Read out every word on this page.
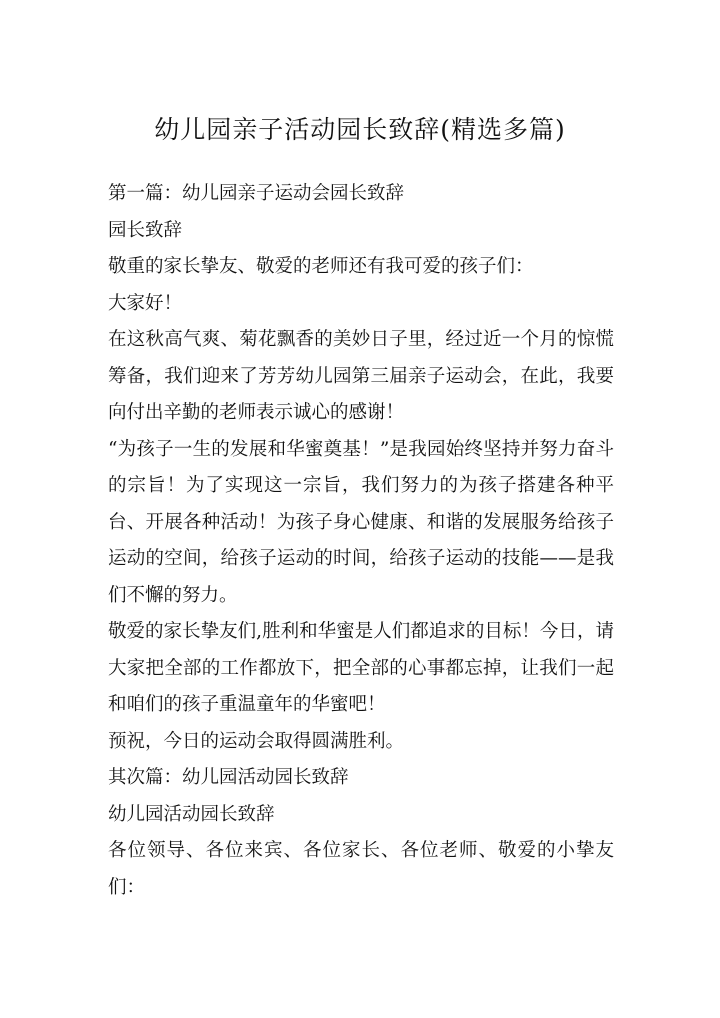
幼儿园亲子活动园长致辞(精选多篇)

第一篇：幼儿园亲子运动会园长致辞

园长致辞

敬重的家长挚友、敬爱的老师还有我可爱的孩子们：

大家好！

在这秋高气爽、菊花飘香的美妙日子里，经过近一个月的惊慌筹备，我们迎来了芳芳幼儿园第三届亲子运动会，在此，我要向付出辛勤的老师表示诚心的感谢！

“为孩子一生的发展和华蜜奠基！”是我园始终坚持并努力奋斗的宗旨！为了实现这一宗旨，我们努力的为孩子搭建各种平台、开展各种活动！为孩子身心健康、和谐的发展服务给孩子运动的空间，给孩子运动的时间，给孩子运动的技能——是我们不懈的努力。

敬爱的家长挚友们,胜利和华蜜是人们都追求的目标！今日，请大家把全部的工作都放下，把全部的心事都忘掉，让我们一起和咱们的孩子重温童年的华蜜吧！

预祝，今日的运动会取得圆满胜利。

其次篇：幼儿园活动园长致辞

幼儿园活动园长致辞

各位领导、各位来宾、各位家长、各位老师、敬爱的小挚友们：
